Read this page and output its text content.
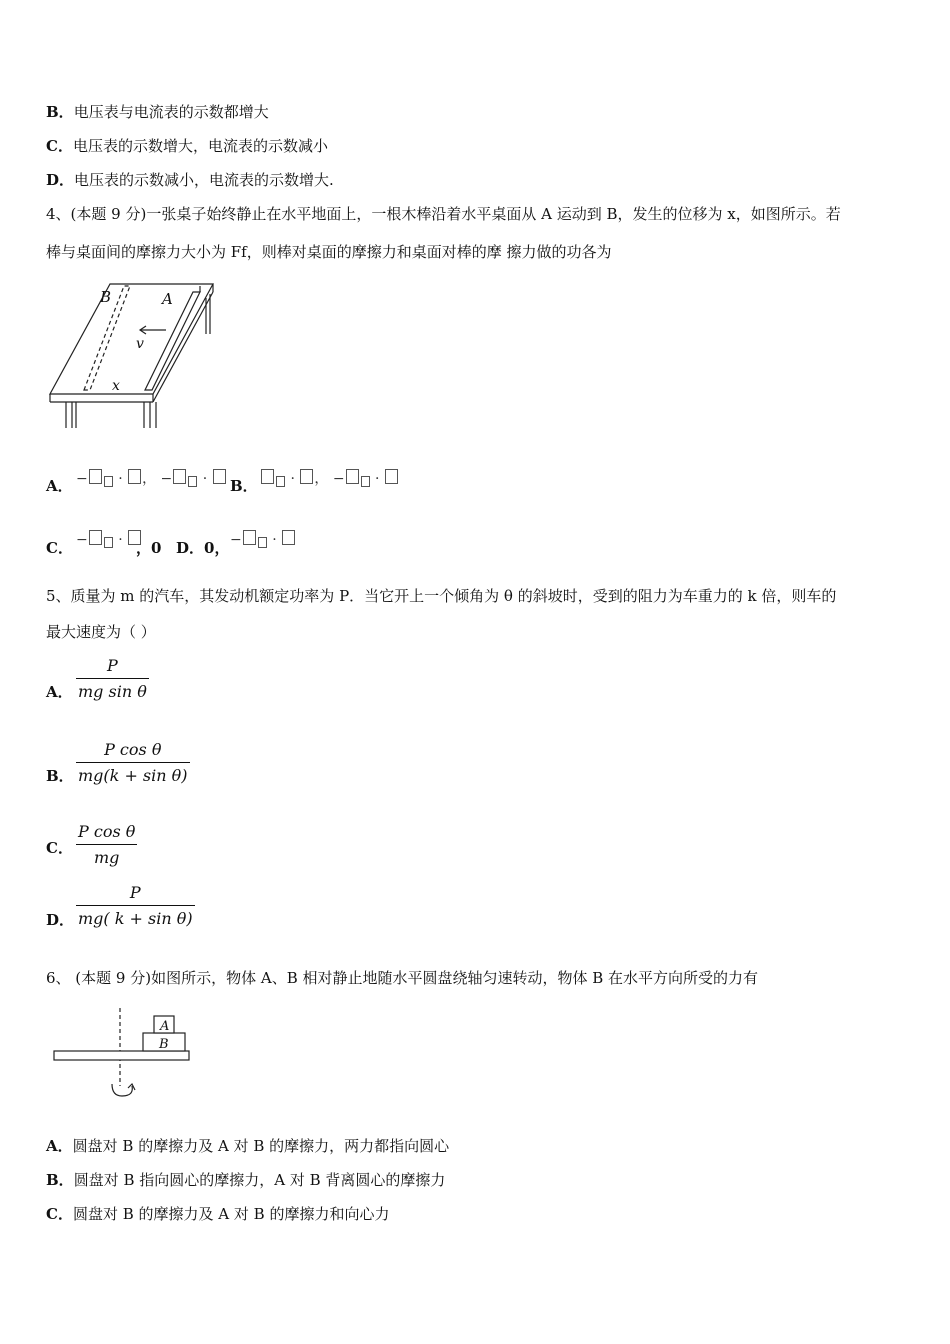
B．电压表与电流表的示数都增大
C．电压表的示数增大，电流表的示数减小
D．电压表的示数减小，电流表的示数增大.
4、(本题 9 分)一张桌子始终静止在水平地面上，一根木棒沿着水平桌面从 A 运动到 B，发生的位移为 x，如图所示。若
棒与桌面间的摩擦力大小为 Ff，则棒对桌面的摩擦力和桌面对棒的摩 擦力做的功各为
B	A
v
x
A． − · ， − ·	B．	· ， − ·
C． − · ，0 D．0， − ·
5、质量为 m 的汽车，其发动机额定功率为 P．当它开上一个倾角为 θ 的斜坡时，受到的阻力为车重力的 k 倍，则车的
最大速度为（ ）
A．
P
mg sin θ
B．
P cos θ
mg(k + sin θ)
C．
P cos θ
mg
D．
P
mg( k + sin θ)
6、 (本题 9 分)如图所示，物体 A、B 相对静止地随水平圆盘绕轴匀速转动，物体 B 在水平方向所受的力有
A
B
A．圆盘对 B 的摩擦力及 A 对 B 的摩擦力，两力都指向圆心
B．圆盘对 B 指向圆心的摩擦力，A 对 B 背离圆心的摩擦力
C．圆盘对 B 的摩擦力及 A 对 B 的摩擦力和向心力
